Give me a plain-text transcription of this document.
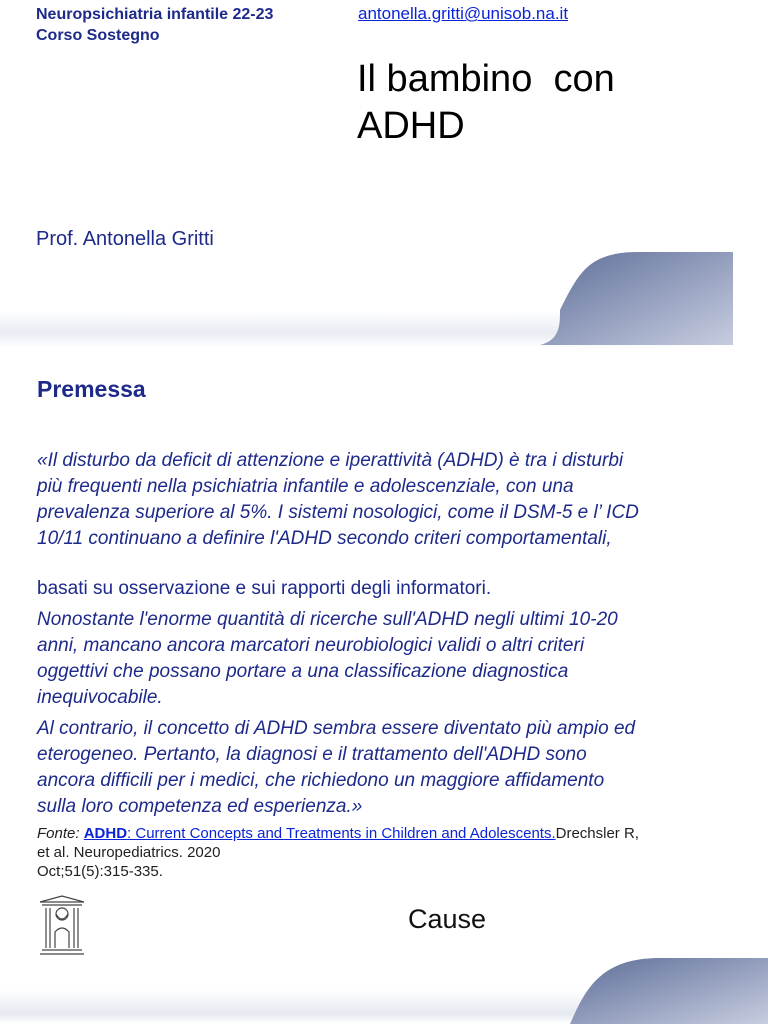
Neuropsichiatria infantile 22-23
Corso Sostegno
antonella.gritti@unisob.na.it
Il bambino  con
ADHD
Prof. Antonella Gritti
Premessa
«Il disturbo da deficit di attenzione e iperattività (ADHD) è tra i disturbi
più frequenti nella psichiatria infantile e adolescenziale, con una
prevalenza superiore al 5%. I sistemi nosologici, come il DSM-5 e l’ ICD
10/11 continuano a definire l'ADHD secondo criteri comportamentali,
basati su osservazione e sui rapporti degli informatori.
Nonostante l'enorme quantità di ricerche sull'ADHD negli ultimi 10-20
anni, mancano ancora marcatori neurobiologici validi o altri criteri
oggettivi che possano portare a una classificazione diagnostica
inequivocabile.
Al contrario, il concetto di ADHD sembra essere diventato più ampio ed
eterogeneo. Pertanto, la diagnosi e il trattamento dell'ADHD sono
ancora difficili per i medici, che richiedono un maggiore affidamento
sulla loro competenza ed esperienza.»
Fonte: ADHD: Current Concepts and Treatments in Children and Adolescents.Drechsler R,
et al. Neuropediatrics. 2020
Oct;51(5):315-335.
Cause
